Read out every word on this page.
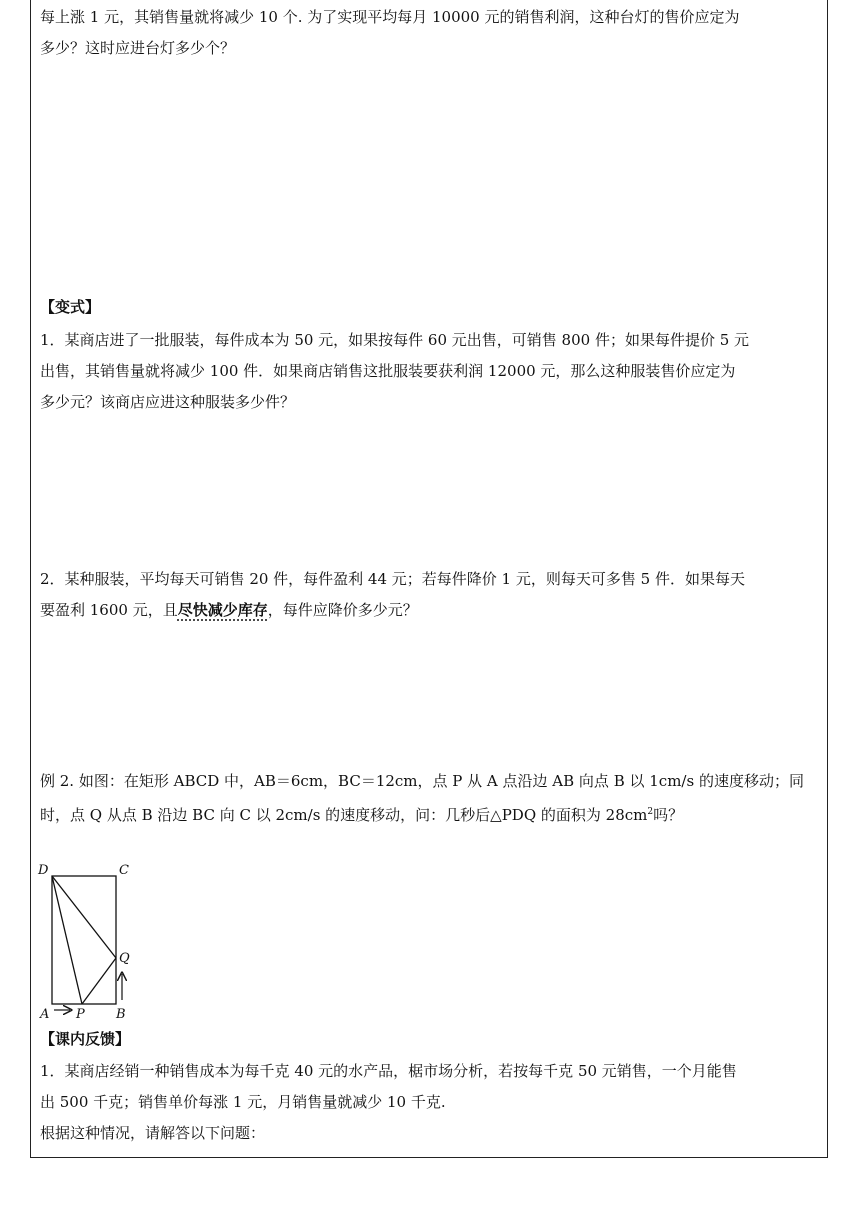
每上涨 1 元，其销售量就将减少 10 个. 为了实现平均每月 10000 元的销售利润，这种台灯的售价应定为
多少？这时应进台灯多少个？
【变式】
1．某商店进了一批服装，每件成本为 50 元，如果按每件 60 元出售，可销售 800 件；如果每件提价 5 元
出售，其销售量就将减少 100 件．如果商店销售这批服装要获利润 12000 元，那么这种服装售价应定为
多少元？该商店应进这种服装多少件？
2．某种服装，平均每天可销售 20 件，每件盈利 44 元；若每件降价 1 元，则每天可多售 5 件．如果每天
要盈利 1600 元，且尽快减少库存，每件应降价多少元？
例 2. 如图：在矩形 ABCD 中，AB＝6cm，BC＝12cm，点 P 从 A 点沿边 AB 向点 B 以 1cm/s 的速度移动；同
时，点 Q 从点 B 沿边 BC 向 C 以 2cm/s 的速度移动，问：几秒后△PDQ 的面积为 $28cm^2$吗？
D	C
Q
A P B
【课内反馈】
1．某商店经销一种销售成本为每千克 40 元的水产品，椐市场分析，若按每千克 50 元销售，一个月能售
出 500 千克；销售单价每涨 1 元，月销售量就减少 10 千克.
根据这种情况，请解答以下问题：
